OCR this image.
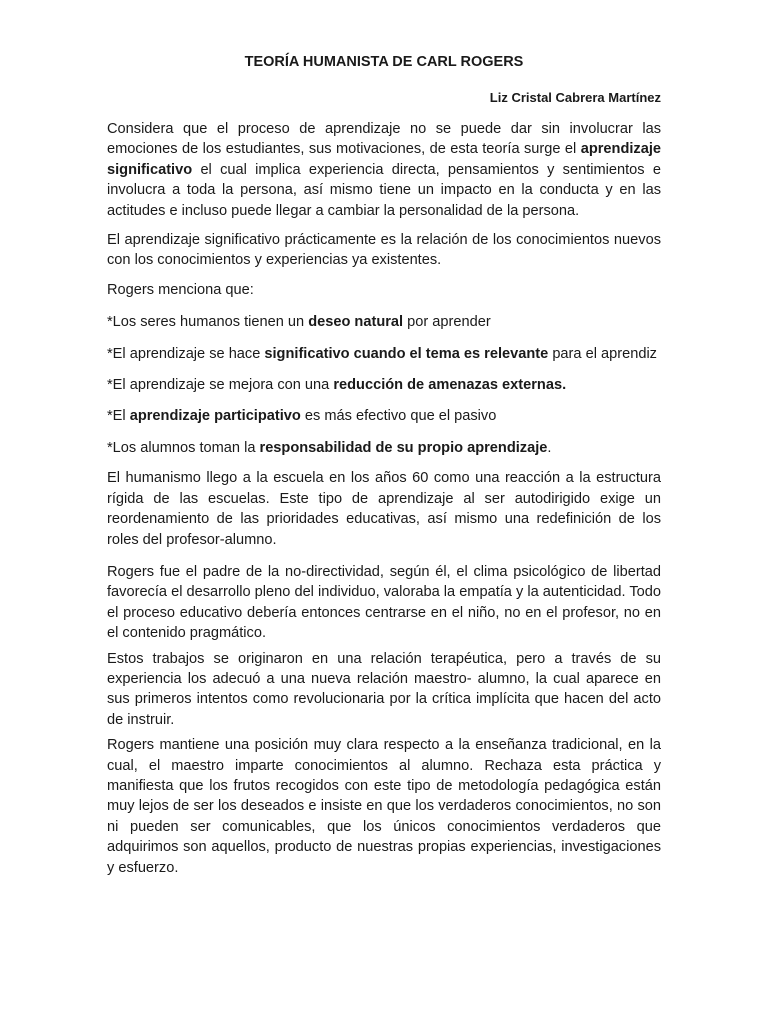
TEORÍA HUMANISTA DE CARL ROGERS

Liz Cristal Cabrera Martínez

Considera que el proceso de aprendizaje no se puede dar sin involucrar las emociones de los estudiantes, sus motivaciones, de esta teoría surge el aprendizaje significativo el cual implica experiencia directa, pensamientos y sentimientos e involucra a toda la persona, así mismo tiene un impacto en la conducta y en las actitudes e incluso puede llegar a cambiar la personalidad de la persona.

El aprendizaje significativo prácticamente es la relación de los conocimientos nuevos con los conocimientos y experiencias ya existentes.

Rogers menciona que:

*Los seres humanos tienen un deseo natural por aprender

*El aprendizaje se hace significativo cuando el tema es relevante para el aprendiz

*El aprendizaje se mejora con una reducción de amenazas externas.

*El aprendizaje participativo es más efectivo que el pasivo

*Los alumnos toman la responsabilidad de su propio aprendizaje.

El humanismo llego a la escuela en los años 60 como una reacción a la estructura rígida de las escuelas. Este tipo de aprendizaje al ser autodirigido exige un reordenamiento de las prioridades educativas, así mismo una redefinición de los roles del profesor-alumno.

Rogers fue el padre de la no-directividad, según él, el clima psicológico de libertad favorecía el desarrollo pleno del individuo, valoraba la empatía y la autenticidad. Todo el proceso educativo debería entonces centrarse en el niño, no en el profesor, no en el contenido pragmático.

Estos trabajos se originaron en una relación terapéutica, pero a través de su experiencia los adecuó a una nueva relación maestro- alumno, la cual aparece en sus primeros intentos como revolucionaria por la crítica implícita que hacen del acto de instruir.

Rogers mantiene una posición muy clara respecto a la enseñanza tradicional, en la cual, el maestro imparte conocimientos al alumno. Rechaza esta práctica y manifiesta que los frutos recogidos con este tipo de metodología pedagógica están muy lejos de ser los deseados e insiste en que los verdaderos conocimientos, no son ni pueden ser comunicables, que los únicos conocimientos verdaderos que adquirimos son aquellos, producto de nuestras propias experiencias, investigaciones y esfuerzo.
